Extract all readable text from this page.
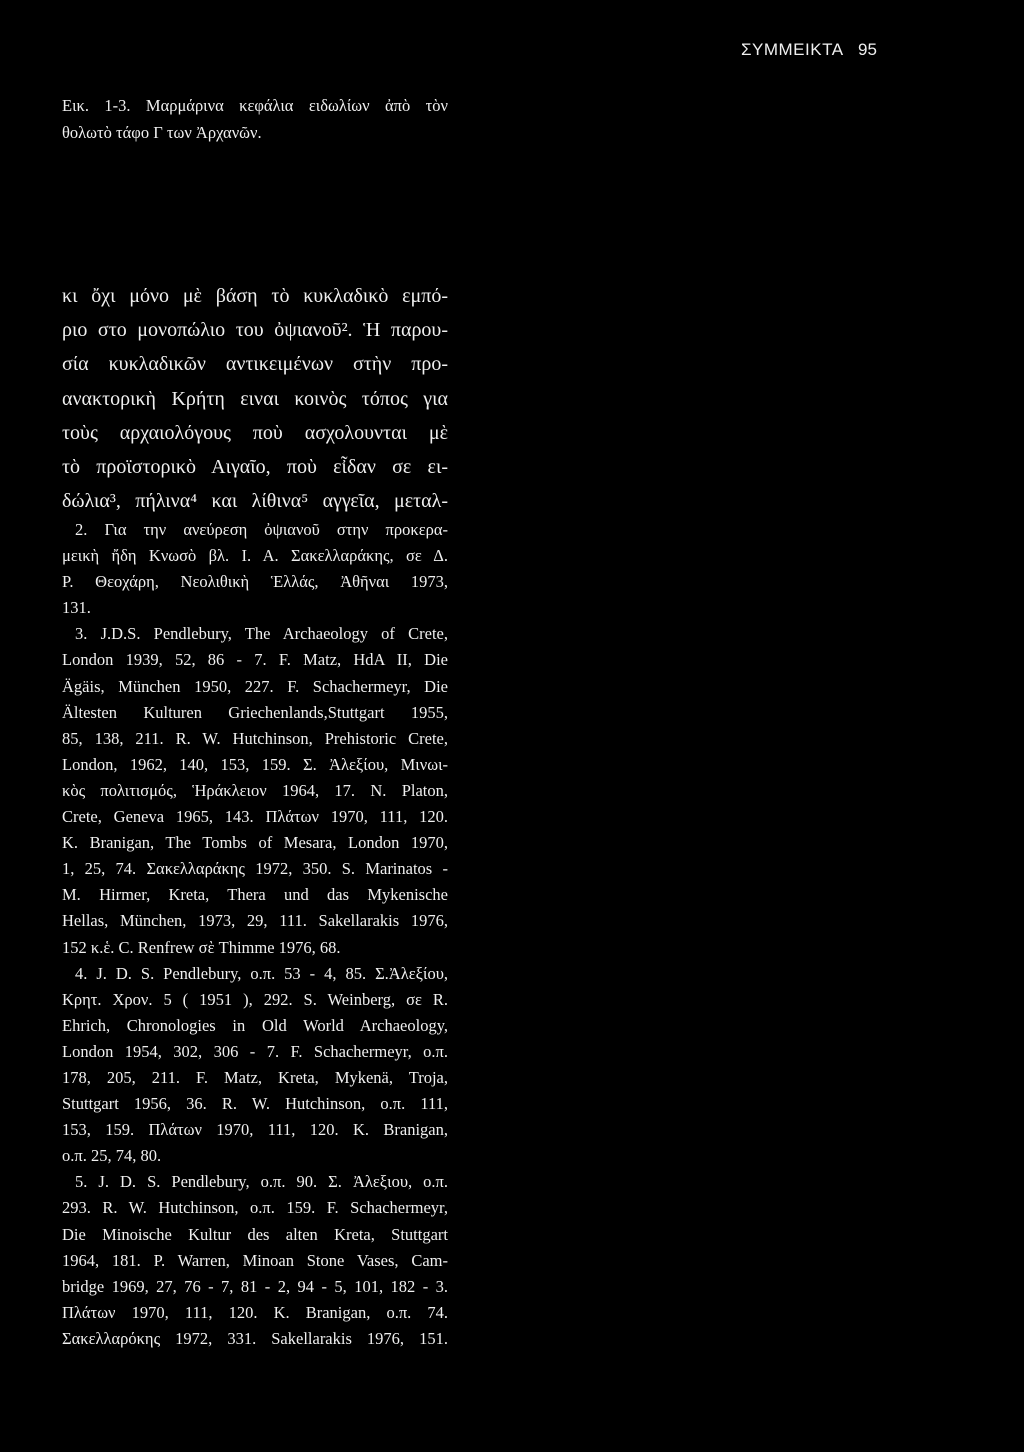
ΣΥΜΜΕΙΚΤΑ 95
Εικ. 1-3. Μαρμάρινα κεφάλια ειδωλίων ἀπὸ τὸν
θολωτὸ τάφο Γ των Ἀρχανῶν.
κι ὄχι μόνο μὲ βάση τὸ κυκλαδικὸ εμπό-
ριο στο μονοπώλιο του ὀψιανοῦ². Ἡ παρου-
σία κυκλαδικῶν αντικειμένων στὴν προ-
ανακτορικὴ Κρήτη ειναι κοινὸς τόπος για
τοὺς αρχαιολόγους ποὺ ασχολουνται μὲ
τὸ προϊστορικὸ Αιγαῖο, ποὺ εἶδαν σε ει-
δώλια³, πήλινα⁴ και λίθινα⁵ αγγεῖα, μεταλ-
2. Για την ανεύρεση ὀψιανοῦ στην προκερα-
μεικὴ ἤδη Κνωσὸ βλ. Ι. Α. Σακελλαράκης, σε Δ.
Ρ. Θεοχάρη, Νεολιθικὴ Ἑλλάς, Ἀθῆναι 1973,
131.
3. J.D.S. Pendlebury, The Archaeology of Crete,
London 1939, 52, 86 - 7. F. Matz, HdA II, Die
Ägäis, München 1950, 227. F. Schachermeyr, Die
Ältesten Kulturen Griechenlands,Stuttgart 1955,
85, 138, 211. R. W. Hutchinson, Prehistoric Crete,
London, 1962, 140, 153, 159. Σ. Ἀλεξίου, Μινωι-
κὸς πολιτισμός, Ἡράκλειον 1964, 17. N. Platon,
Crete, Geneva 1965, 143. Πλάτων 1970, 111, 120.
K. Branigan, The Tombs of Mesara, London 1970,
1, 25, 74. Σακελλαράκης 1972, 350. S. Marinatos -
M. Hirmer, Kreta, Thera und das Mykenische
Hellas, München, 1973, 29, 111. Sakellarakis 1976,
152 κ.ἑ. C. Renfrew σὲ Thimme 1976, 68.
4. J. D. S. Pendlebury, ο.π. 53 - 4, 85. Σ.Ἀλεξίου,
Κρητ. Χρον. 5 ( 1951 ), 292. S. Weinberg, σε R.
Ehrich, Chronologies in Old World Archaeology,
London 1954, 302, 306 - 7. F. Schachermeyr, ο.π.
178, 205, 211. F. Matz, Kreta, Mykenä, Troja,
Stuttgart 1956, 36. R. W. Hutchinson, ο.π. 111,
153, 159. Πλάτων 1970, 111, 120. K. Branigan,
ο.π. 25, 74, 80.
5. J. D. S. Pendlebury, ο.π. 90. Σ. Ἀλεξιου, ο.π.
293. R. W. Hutchinson, ο.π. 159. F. Schachermeyr,
Die Minoische Kultur des alten Kreta, Stuttgart
1964, 181. P. Warren, Minoan Stone Vases, Cam-
bridge 1969, 27, 76 - 7, 81 - 2, 94 - 5, 101, 182 - 3.
Πλάτων 1970, 111, 120. K. Branigan, ο.π. 74.
Σακελλαρόκης 1972, 331. Sakellarakis 1976, 151.
